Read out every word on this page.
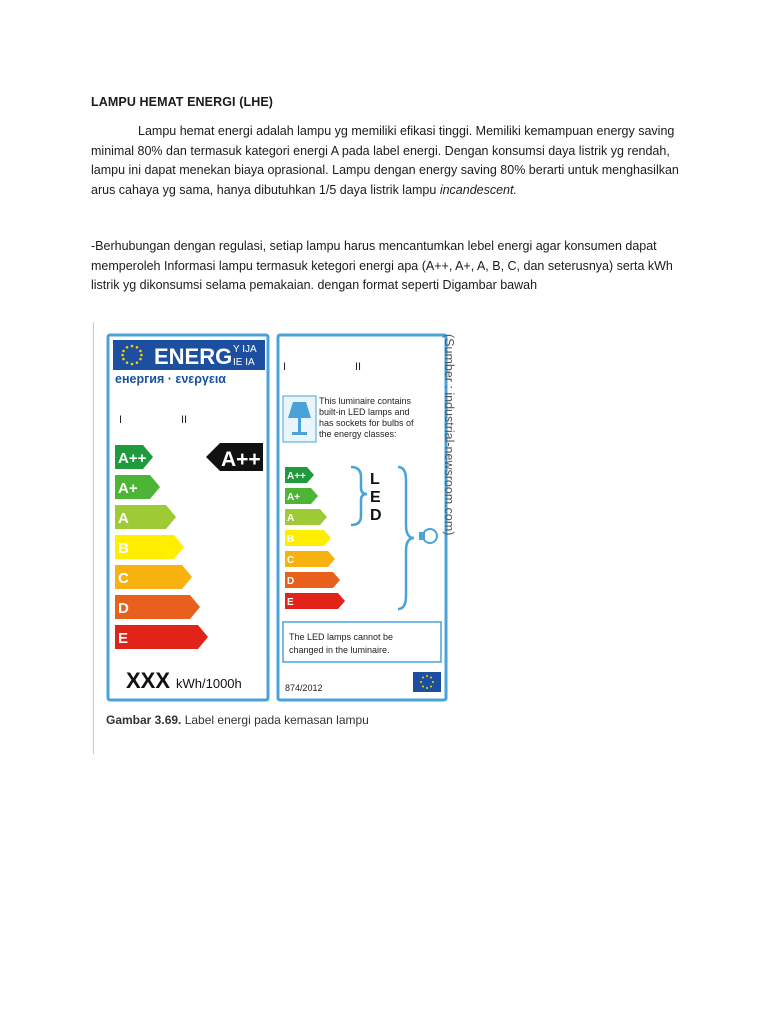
LAMPU HEMAT ENERGI (LHE)
Lampu hemat energi adalah lampu yg memiliki efikasi tinggi. Memiliki kemampuan energy saving minimal 80% dan termasuk kategori energi A pada label energi. Dengan konsumsi daya listrik yg rendah, lampu ini dapat menekan biaya oprasional. Lampu dengan energy saving 80% berarti untuk menghasilkan arus cahaya yg sama, hanya dibutuhkan 1/5 daya listrik lampu incandescent.
-Berhubungan dengan regulasi, setiap lampu harus mencantumkan lebel energi agar konsumen dapat memperoleh Informasi lampu termasuk ketegori energi apa (A++, A+, A, B, C, dan seterusnya) serta kWh listrik yg dikonsumsi selama pemakaian. dengan format seperti Digambar bawah
ENERG Y IJA
IE IA
енергия · ενεργεια
I	II
A++
A+
A
B
C
D
E
A++
XXX kWh/1000h
I	II
This luminaire contains
built-in LED lamps and
has sockets for bulbs of
the energy classes:
A++
A+
A
B
C
D
E
L
E
D
The LED lamps cannot be
changed in the luminaire.
874/2012
(Sumber : industrial-newsroom.com)
Gambar 3.69. Label energi pada kemasan lampu
